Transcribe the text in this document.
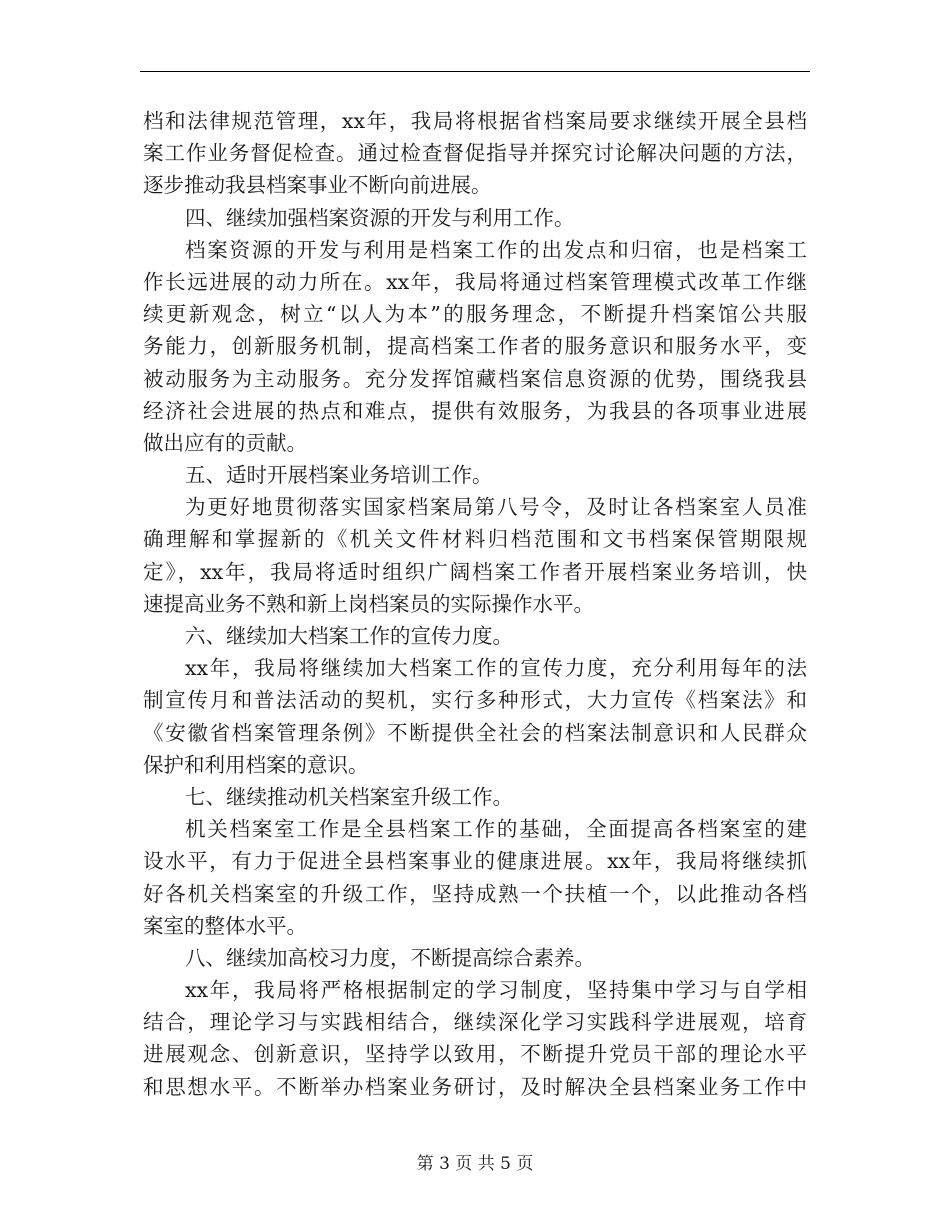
档和法律规范管理，xx年，我局将根据省档案局要求继续开展全县档
案工作业务督促检查。通过检查督促指导并探究讨论解决问题的方法，
逐步推动我县档案事业不断向前进展。
四、继续加强档案资源的开发与利用工作。
档案资源的开发与利用是档案工作的出发点和归宿，也是档案工
作长远进展的动力所在。xx年，我局将通过档案管理模式改革工作继
续更新观念，树立“以人为本”的服务理念，不断提升档案馆公共服
务能力，创新服务机制，提高档案工作者的服务意识和服务水平，变
被动服务为主动服务。充分发挥馆藏档案信息资源的优势，围绕我县
经济社会进展的热点和难点，提供有效服务，为我县的各项事业进展
做出应有的贡献。
五、适时开展档案业务培训工作。
为更好地贯彻落实国家档案局第八号令，及时让各档案室人员准
确理解和掌握新的《机关文件材料归档范围和文书档案保管期限规
定》，xx年，我局将适时组织广阔档案工作者开展档案业务培训，快
速提高业务不熟和新上岗档案员的实际操作水平。
六、继续加大档案工作的宣传力度。
xx年，我局将继续加大档案工作的宣传力度，充分利用每年的法
制宣传月和普法活动的契机，实行多种形式，大力宣传《档案法》和
《安徽省档案管理条例》不断提供全社会的档案法制意识和人民群众
保护和利用档案的意识。
七、继续推动机关档案室升级工作。
机关档案室工作是全县档案工作的基础，全面提高各档案室的建
设水平，有力于促进全县档案事业的健康进展。xx年，我局将继续抓
好各机关档案室的升级工作，坚持成熟一个扶植一个，以此推动各档
案室的整体水平。
八、继续加高校习力度，不断提高综合素养。
xx年，我局将严格根据制定的学习制度，坚持集中学习与自学相
结合，理论学习与实践相结合，继续深化学习实践科学进展观，培育
进展观念、创新意识，坚持学以致用，不断提升党员干部的理论水平
和思想水平。不断举办档案业务研讨，及时解决全县档案业务工作中
第 3 页 共 5 页
